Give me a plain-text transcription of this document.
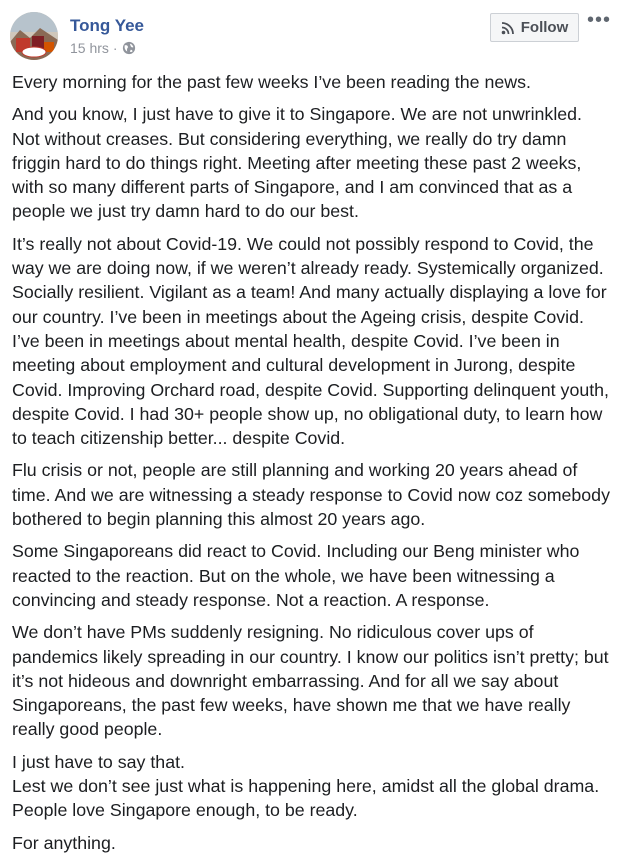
Tong Yee
15 hrs ·
Follow •••

Every morning for the past few weeks I’ve been reading the news.

And you know, I just have to give it to Singapore. We are not unwrinkled. Not without creases. But considering everything, we really do try damn friggin hard to do things right. Meeting after meeting these past 2 weeks, with so many different parts of Singapore, and I am convinced that as a people we just try damn hard to do our best.

It’s really not about Covid-19. We could not possibly respond to Covid, the way we are doing now, if we weren’t already ready. Systemically organized. Socially resilient. Vigilant as a team! And many actually displaying a love for our country. I’ve been in meetings about the Ageing crisis, despite Covid. I’ve been in meetings about mental health, despite Covid. I’ve been in meeting about employment and cultural development in Jurong, despite Covid. Improving Orchard road, despite Covid. Supporting delinquent youth, despite Covid. I had 30+ people show up, no obligational duty, to learn how to teach citizenship better... despite Covid.

Flu crisis or not, people are still planning and working 20 years ahead of time. And we are witnessing a steady response to Covid now coz somebody bothered to begin planning this almost 20 years ago.

Some Singaporeans did react to Covid. Including our Beng minister who reacted to the reaction. But on the whole, we have been witnessing a convincing and steady response. Not a reaction. A response.

We don’t have PMs suddenly resigning. No ridiculous cover ups of pandemics likely spreading in our country. I know our politics isn’t pretty; but it’s not hideous and downright embarrassing. And for all we say about Singaporeans, the past few weeks, have shown me that we have really really good people.

I just have to say that.

Lest we don’t see just what is happening here, amidst all the global drama. People love Singapore enough, to be ready.

For anything.
